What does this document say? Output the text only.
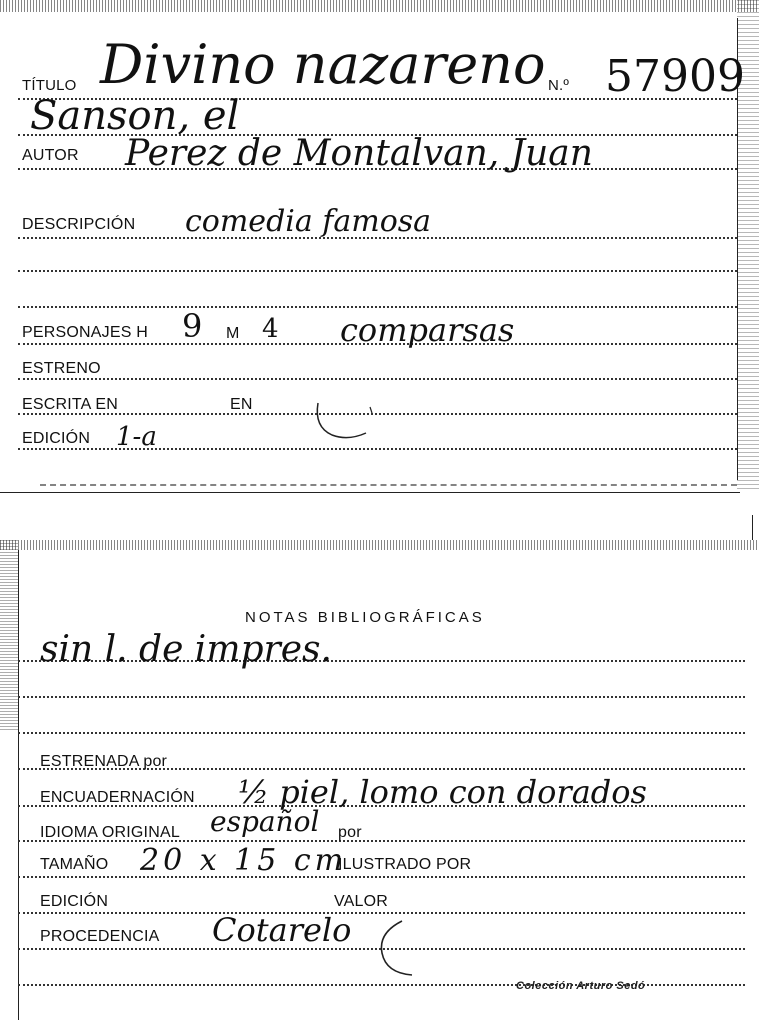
TÍTULO Divino nazareno N.º 57909
Sanson, el
AUTOR Perez de Montalvan, Juan
DESCRIPCIÓN comedia famosa
PERSONAJES H 9 M 4 comparsas
ESTRENO
ESCRITA EN	EN
EDICIÓN 1-a
NOTAS BIBLIOGRÁFICAS
sin l. de impres.
ESTRENADA por
ENCUADERNACIÓN ½ piel, lomo con dorados
IDIOMA ORIGINAL español por
TAMAÑO 20 x 15 cm
ILUSTRADO POR
EDICIÓN	VALOR
PROCEDENCIA Cotarelo
Colección Arturo Sedó
